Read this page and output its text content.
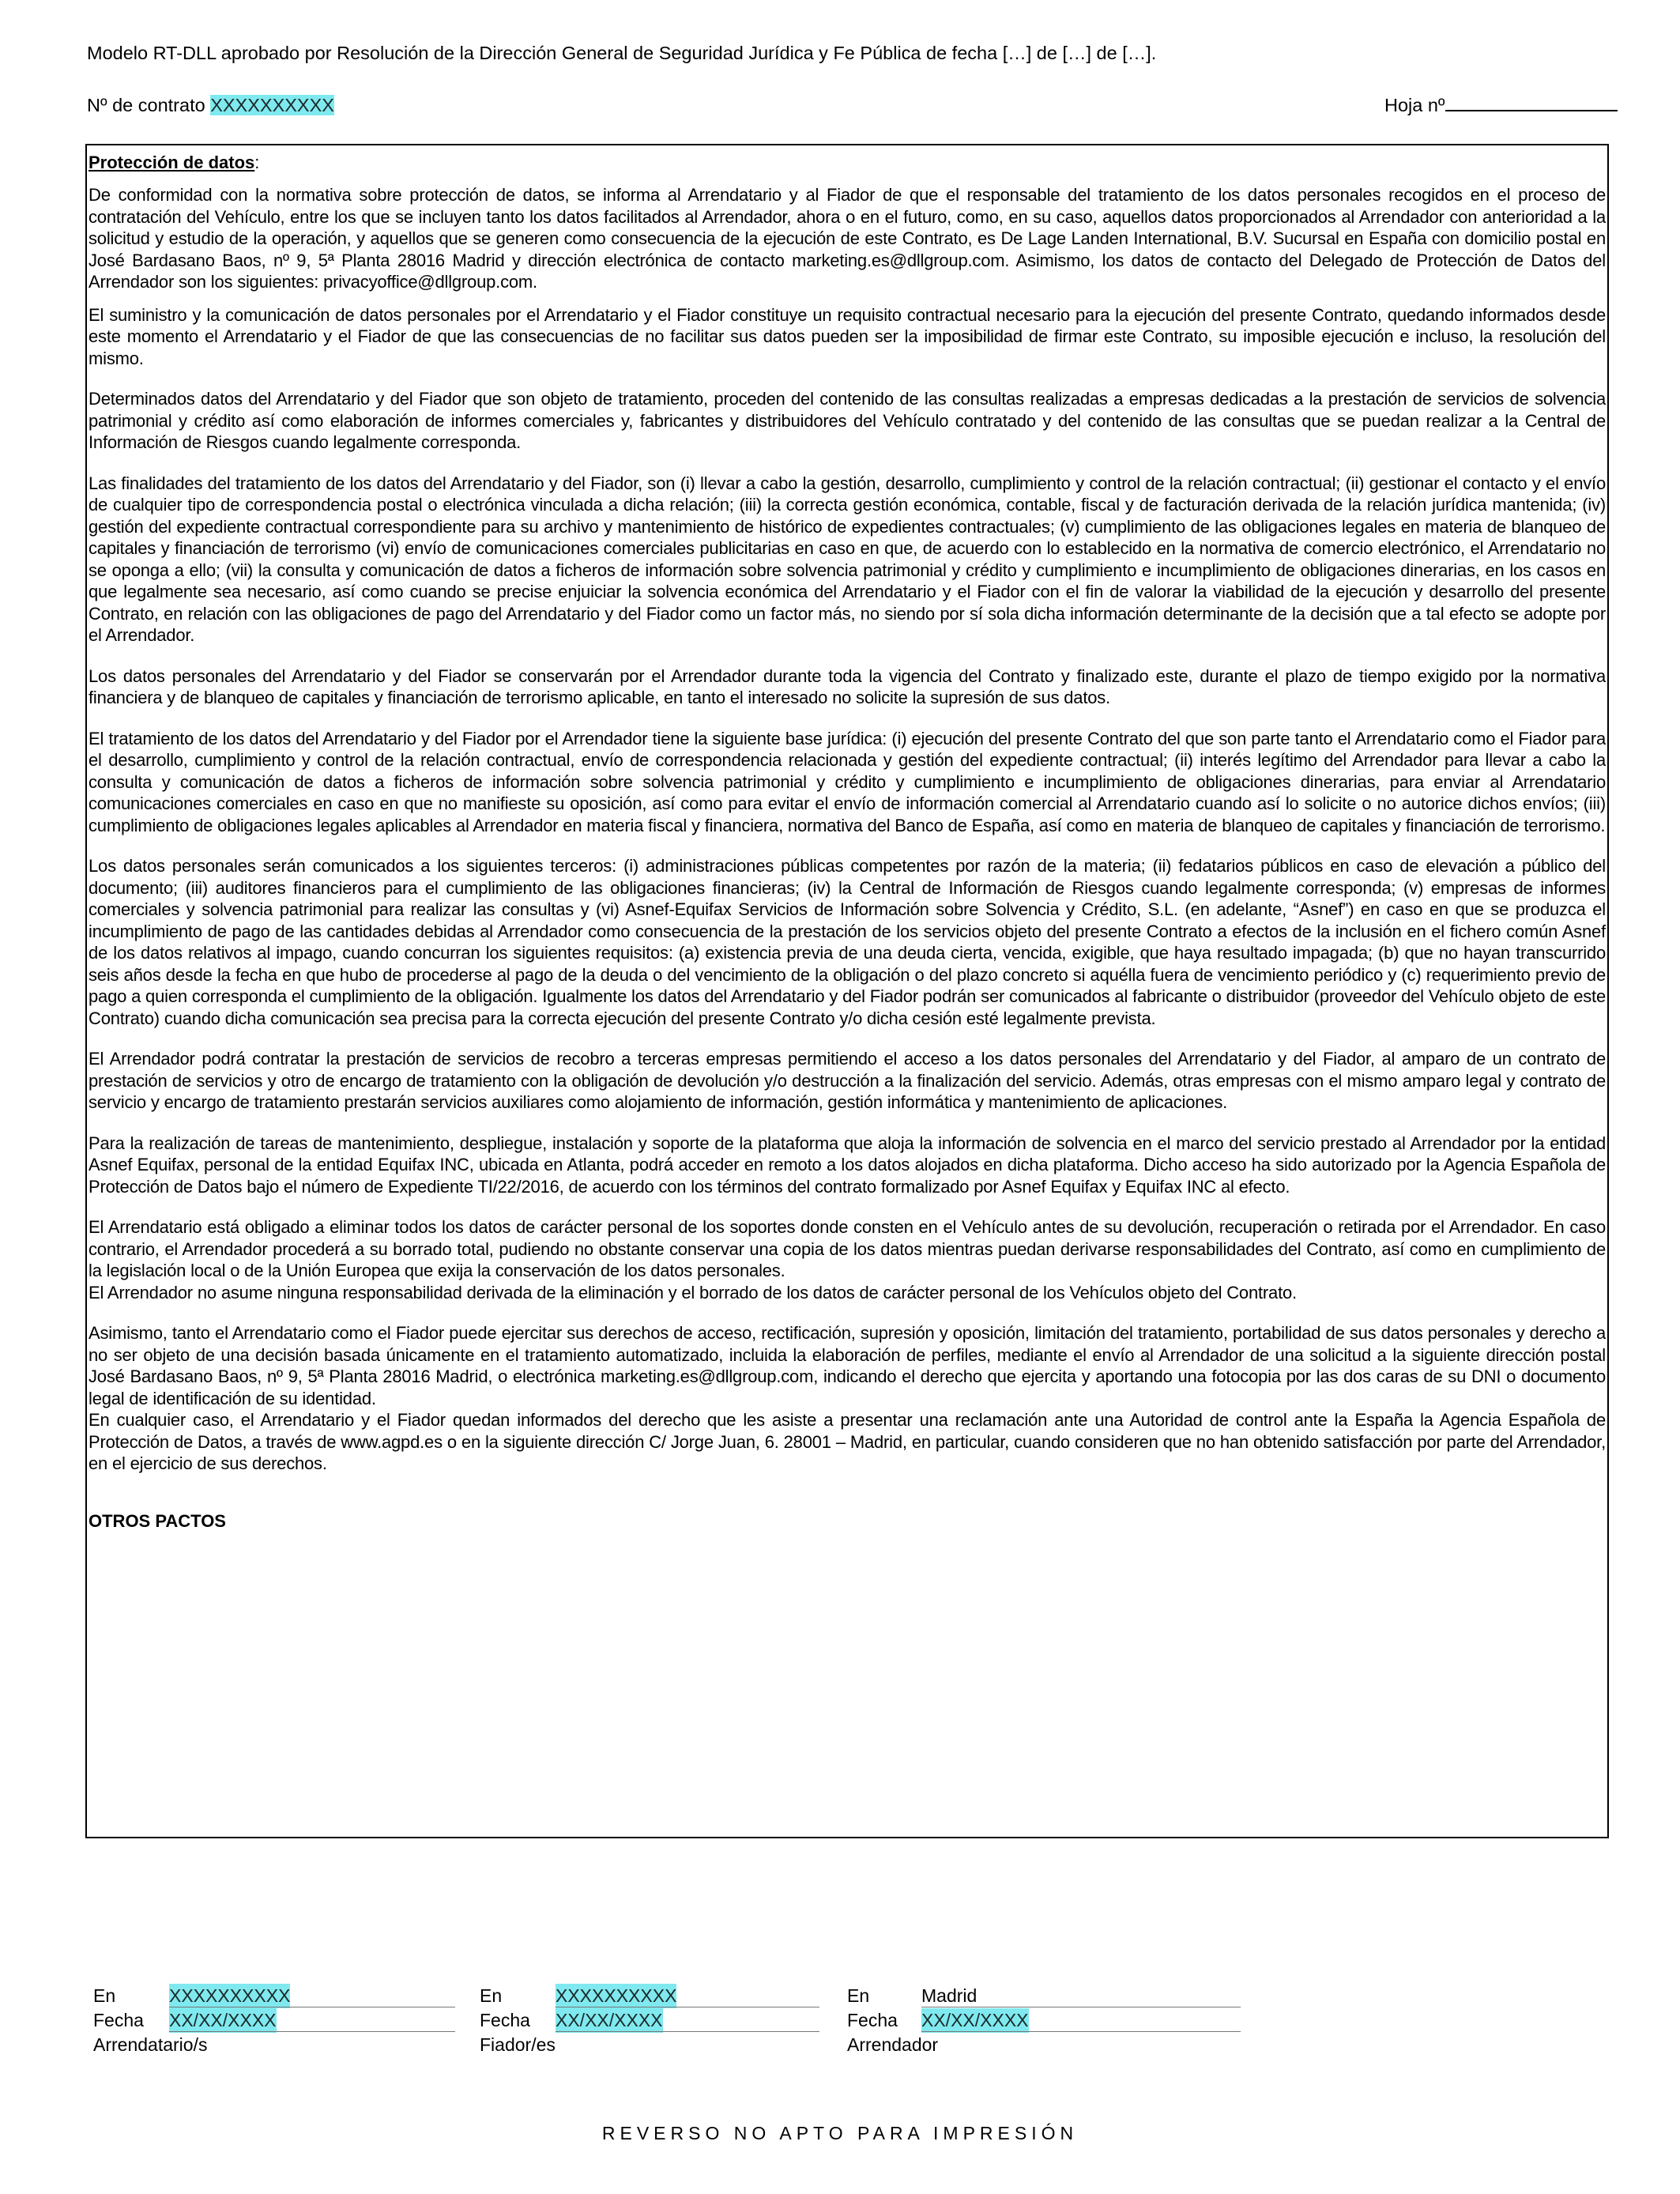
Modelo RT-DLL aprobado por Resolución de la Dirección General de Seguridad Jurídica y Fe Pública de fecha […] de […] de […].
Nº de contrato XXXXXXXXXX	Hoja nº
Protección de datos:

De conformidad con la normativa sobre protección de datos, se informa al Arrendatario y al Fiador de que el responsable del tratamiento de los datos personales recogidos en el proceso de contratación del Vehículo, entre los que se incluyen tanto los datos facilitados al Arrendador, ahora o en el futuro, como, en su caso, aquellos datos proporcionados al Arrendador con anterioridad a la solicitud y estudio de la operación, y aquellos que se generen como consecuencia de la ejecución de este Contrato, es De Lage Landen International, B.V. Sucursal en España con domicilio postal en José Bardasano Baos, nº 9, 5ª Planta 28016 Madrid y dirección electrónica de contacto marketing.es@dllgroup.com. Asimismo, los datos de contacto del Delegado de Protección de Datos del Arrendador son los siguientes: privacyoffice@dllgroup.com.

El suministro y la comunicación de datos personales por el Arrendatario y el Fiador constituye un requisito contractual necesario para la ejecución del presente Contrato, quedando informados desde este momento el Arrendatario y el Fiador de que las consecuencias de no facilitar sus datos pueden ser la imposibilidad de firmar este Contrato, su imposible ejecución e incluso, la resolución del mismo.

Determinados datos del Arrendatario y del Fiador que son objeto de tratamiento, proceden del contenido de las consultas realizadas a empresas dedicadas a la prestación de servicios de solvencia patrimonial y crédito así como elaboración de informes comerciales y, fabricantes y distribuidores del Vehículo contratado y del contenido de las consultas que se puedan realizar a la Central de Información de Riesgos cuando legalmente corresponda.

Las finalidades del tratamiento de los datos del Arrendatario y del Fiador, son (i) llevar a cabo la gestión, desarrollo, cumplimiento y control de la relación contractual; (ii) gestionar el contacto y el envío de cualquier tipo de correspondencia postal o electrónica vinculada a dicha relación; (iii) la correcta gestión económica, contable, fiscal y de facturación derivada de la relación jurídica mantenida; (iv) gestión del expediente contractual correspondiente para su archivo y mantenimiento de histórico de expedientes contractuales; (v) cumplimiento de las obligaciones legales en materia de blanqueo de capitales y financiación de terrorismo (vi) envío de comunicaciones comerciales publicitarias en caso en que, de acuerdo con lo establecido en la normativa de comercio electrónico, el Arrendatario no se oponga a ello; (vii) la consulta y comunicación de datos a ficheros de información sobre solvencia patrimonial y crédito y cumplimiento e incumplimiento de obligaciones dinerarias, en los casos en que legalmente sea necesario, así como cuando se precise enjuiciar la solvencia económica del Arrendatario y el Fiador con el fin de valorar la viabilidad de la ejecución y desarrollo del presente Contrato, en relación con las obligaciones de pago del Arrendatario y del Fiador como un factor más, no siendo por sí sola dicha información determinante de la decisión que a tal efecto se adopte por el Arrendador.

Los datos personales del Arrendatario y del Fiador se conservarán por el Arrendador durante toda la vigencia del Contrato y finalizado este, durante el plazo de tiempo exigido por la normativa financiera y de blanqueo de capitales y financiación de terrorismo aplicable, en tanto el interesado no solicite la supresión de sus datos.

El tratamiento de los datos del Arrendatario y del Fiador por el Arrendador tiene la siguiente base jurídica: (i) ejecución del presente Contrato del que son parte tanto el Arrendatario como el Fiador para el desarrollo, cumplimiento y control de la relación contractual, envío de correspondencia relacionada y gestión del expediente contractual; (ii) interés legítimo del Arrendador para llevar a cabo la consulta y comunicación de datos a ficheros de información sobre solvencia patrimonial y crédito y cumplimiento e incumplimiento de obligaciones dinerarias, para enviar al Arrendatario comunicaciones comerciales en caso en que no manifieste su oposición, así como para evitar el envío de información comercial al Arrendatario cuando así lo solicite o no autorice dichos envíos; (iii) cumplimiento de obligaciones legales aplicables al Arrendador en materia fiscal y financiera, normativa del Banco de España, así como en materia de blanqueo de capitales y financiación de terrorismo.

Los datos personales serán comunicados a los siguientes terceros: (i) administraciones públicas competentes por razón de la materia; (ii) fedatarios públicos en caso de elevación a público del documento; (iii) auditores financieros para el cumplimiento de las obligaciones financieras; (iv) la Central de Información de Riesgos cuando legalmente corresponda; (v) empresas de informes comerciales y solvencia patrimonial para realizar las consultas y (vi) Asnef-Equifax Servicios de Información sobre Solvencia y Crédito, S.L. (en adelante, “Asnef”) en caso en que se produzca el incumplimiento de pago de las cantidades debidas al Arrendador como consecuencia de la prestación de los servicios objeto del presente Contrato a efectos de la inclusión en el fichero común Asnef de los datos relativos al impago, cuando concurran los siguientes requisitos: (a) existencia previa de una deuda cierta, vencida, exigible, que haya resultado impagada; (b) que no hayan transcurrido seis años desde la fecha en que hubo de procederse al pago de la deuda o del vencimiento de la obligación o del plazo concreto si aquélla fuera de vencimiento periódico y (c) requerimiento previo de pago a quien corresponda el cumplimiento de la obligación. Igualmente los datos del Arrendatario y del Fiador podrán ser comunicados al fabricante o distribuidor (proveedor del Vehículo objeto de este Contrato) cuando dicha comunicación sea precisa para la correcta ejecución del presente Contrato y/o dicha cesión esté legalmente prevista.

El Arrendador podrá contratar la prestación de servicios de recobro a terceras empresas permitiendo el acceso a los datos personales del Arrendatario y del Fiador, al amparo de un contrato de prestación de servicios y otro de encargo de tratamiento con la obligación de devolución y/o destrucción a la finalización del servicio. Además, otras empresas con el mismo amparo legal y contrato de servicio y encargo de tratamiento prestarán servicios auxiliares como alojamiento de información, gestión informática y mantenimiento de aplicaciones.

Para la realización de tareas de mantenimiento, despliegue, instalación y soporte de la plataforma que aloja la información de solvencia en el marco del servicio prestado al Arrendador por la entidad Asnef Equifax, personal de la entidad Equifax INC, ubicada en Atlanta, podrá acceder en remoto a los datos alojados en dicha plataforma. Dicho acceso ha sido autorizado por la Agencia Española de Protección de Datos bajo el número de Expediente TI/22/2016, de acuerdo con los términos del contrato formalizado por Asnef Equifax y Equifax INC al efecto.

El Arrendatario está obligado a eliminar todos los datos de carácter personal de los soportes donde consten en el Vehículo antes de su devolución, recuperación o retirada por el Arrendador. En caso contrario, el Arrendador procederá a su borrado total, pudiendo no obstante conservar una copia de los datos mientras puedan derivarse responsabilidades del Contrato, así como en cumplimiento de la legislación local o de la Unión Europea que exija la conservación de los datos personales.

El Arrendador no asume ninguna responsabilidad derivada de la eliminación y el borrado de los datos de carácter personal de los Vehículos objeto del Contrato.

Asimismo, tanto el Arrendatario como el Fiador puede ejercitar sus derechos de acceso, rectificación, supresión y oposición, limitación del tratamiento, portabilidad de sus datos personales y derecho a no ser objeto de una decisión basada únicamente en el tratamiento automatizado, incluida la elaboración de perfiles, mediante el envío al Arrendador de una solicitud a la siguiente dirección postal José Bardasano Baos, nº 9, 5ª Planta 28016 Madrid, o electrónica marketing.es@dllgroup.com, indicando el derecho que ejercita y aportando una fotocopia por las dos caras de su DNI o documento legal de identificación de su identidad.

En cualquier caso, el Arrendatario y el Fiador quedan informados del derecho que les asiste a presentar una reclamación ante una Autoridad de control ante la España la Agencia Española de Protección de Datos, a través de www.agpd.es o en la siguiente dirección C/ Jorge Juan, 6. 28001 – Madrid, en particular, cuando consideren que no han obtenido satisfacción por parte del Arrendador, en el ejercicio de sus derechos.

OTROS PACTOS
En	XXXXXXXXXX
Fecha XX/XX/XXXX
Arrendatario/s
En	XXXXXXXXXX
Fecha XX/XX/XXXX
Fiador/es
En	Madrid
Fecha XX/XX/XXXX
Arrendador
REVERSO NO APTO PARA IMPRESIÓN
